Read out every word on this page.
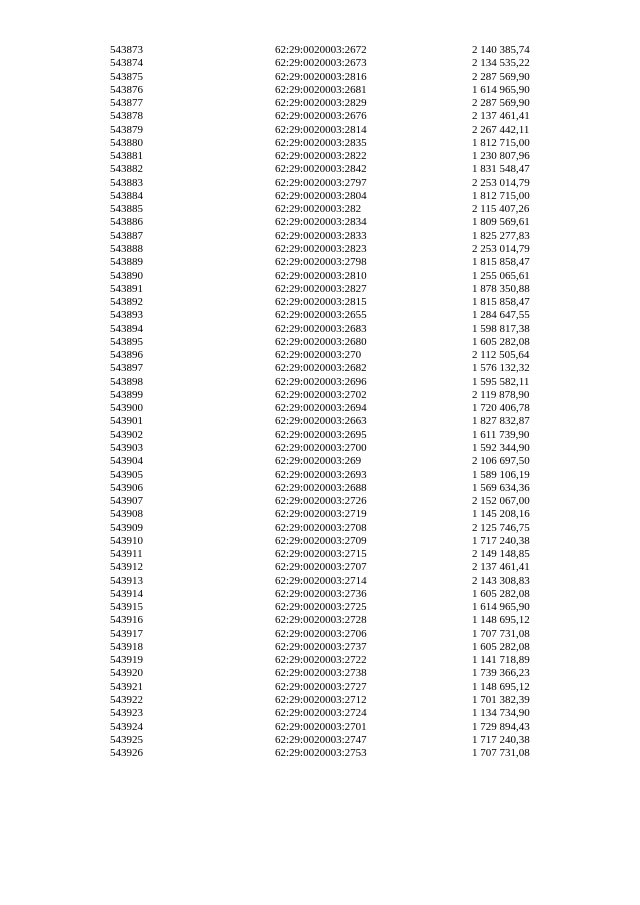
543873	62:29:0020003:2672	2 140 385,74
543874	62:29:0020003:2673	2 134 535,22
543875	62:29:0020003:2816	2 287 569,90
543876	62:29:0020003:2681	1 614 965,90
543877	62:29:0020003:2829	2 287 569,90
543878	62:29:0020003:2676	2 137 461,41
543879	62:29:0020003:2814	2 267 442,11
543880	62:29:0020003:2835	1 812 715,00
543881	62:29:0020003:2822	1 230 807,96
543882	62:29:0020003:2842	1 831 548,47
543883	62:29:0020003:2797	2 253 014,79
543884	62:29:0020003:2804	1 812 715,00
543885	62:29:0020003:282	2 115 407,26
543886	62:29:0020003:2834	1 809 569,61
543887	62:29:0020003:2833	1 825 277,83
543888	62:29:0020003:2823	2 253 014,79
543889	62:29:0020003:2798	1 815 858,47
543890	62:29:0020003:2810	1 255 065,61
543891	62:29:0020003:2827	1 878 350,88
543892	62:29:0020003:2815	1 815 858,47
543893	62:29:0020003:2655	1 284 647,55
543894	62:29:0020003:2683	1 598 817,38
543895	62:29:0020003:2680	1 605 282,08
543896	62:29:0020003:270	2 112 505,64
543897	62:29:0020003:2682	1 576 132,32
543898	62:29:0020003:2696	1 595 582,11
543899	62:29:0020003:2702	2 119 878,90
543900	62:29:0020003:2694	1 720 406,78
543901	62:29:0020003:2663	1 827 832,87
543902	62:29:0020003:2695	1 611 739,90
543903	62:29:0020003:2700	1 592 344,90
543904	62:29:0020003:269	2 106 697,50
543905	62:29:0020003:2693	1 589 106,19
543906	62:29:0020003:2688	1 569 634,36
543907	62:29:0020003:2726	2 152 067,00
543908	62:29:0020003:2719	1 145 208,16
543909	62:29:0020003:2708	2 125 746,75
543910	62:29:0020003:2709	1 717 240,38
543911	62:29:0020003:2715	2 149 148,85
543912	62:29:0020003:2707	2 137 461,41
543913	62:29:0020003:2714	2 143 308,83
543914	62:29:0020003:2736	1 605 282,08
543915	62:29:0020003:2725	1 614 965,90
543916	62:29:0020003:2728	1 148 695,12
543917	62:29:0020003:2706	1 707 731,08
543918	62:29:0020003:2737	1 605 282,08
543919	62:29:0020003:2722	1 141 718,89
543920	62:29:0020003:2738	1 739 366,23
543921	62:29:0020003:2727	1 148 695,12
543922	62:29:0020003:2712	1 701 382,39
543923	62:29:0020003:2724	1 134 734,90
543924	62:29:0020003:2701	1 729 894,43
543925	62:29:0020003:2747	1 717 240,38
543926	62:29:0020003:2753	1 707 731,08
